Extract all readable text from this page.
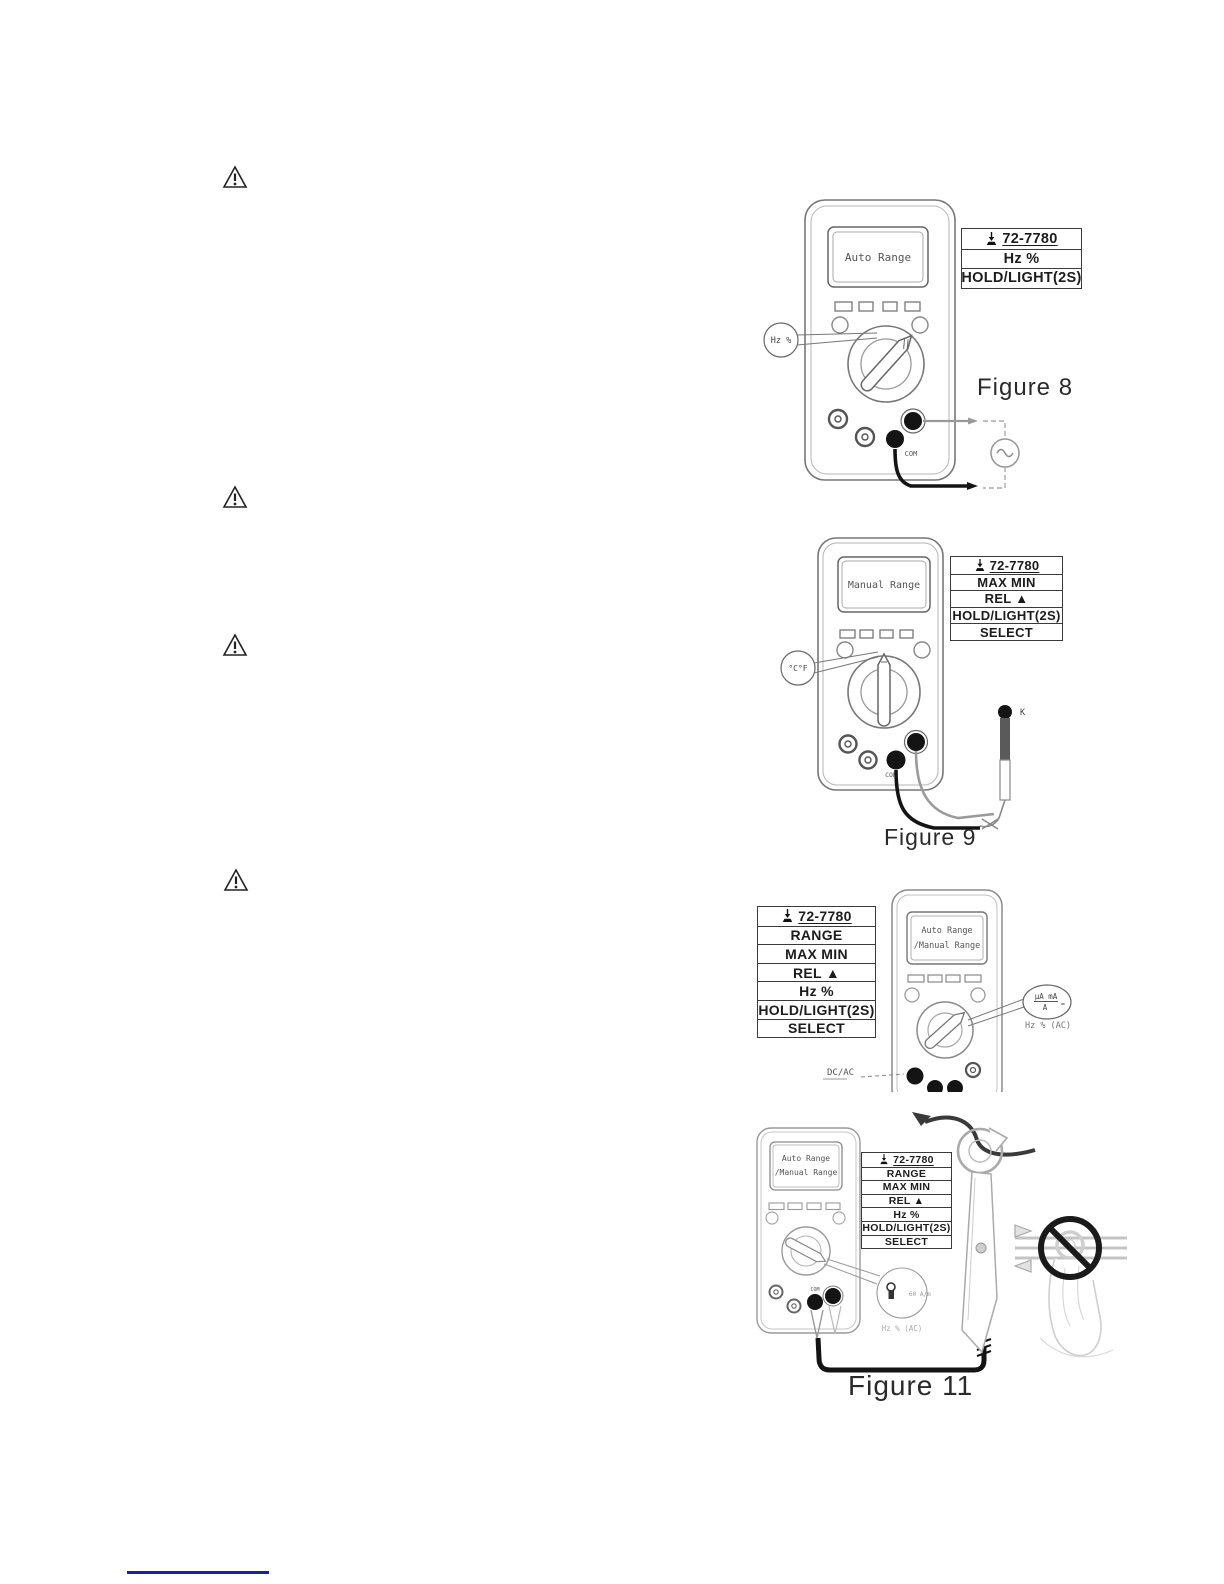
Auto Range
COM
Hz %
72-7780
Hz %
HOLD/LIGHT(2S)
Figure 8
Manual Range
COM
°C°F
K
72-7780
MAX MIN
REL ▲
HOLD/LIGHT(2S)
SELECT
Figure 9
Auto Range
/Manual Range
μA mA
A ≈
Hz % (AC)
DC/AC
72-7780
RANGE
MAX MIN
REL ▲
Hz %
HOLD/LIGHT(2S)
SELECT
Auto Range
/Manual Range
COM
60 A/m
Hz % (AC)
72-7780
RANGE
MAX MIN
REL ▲
Hz %
HOLD/LIGHT(2S)
SELECT
Figure 11
